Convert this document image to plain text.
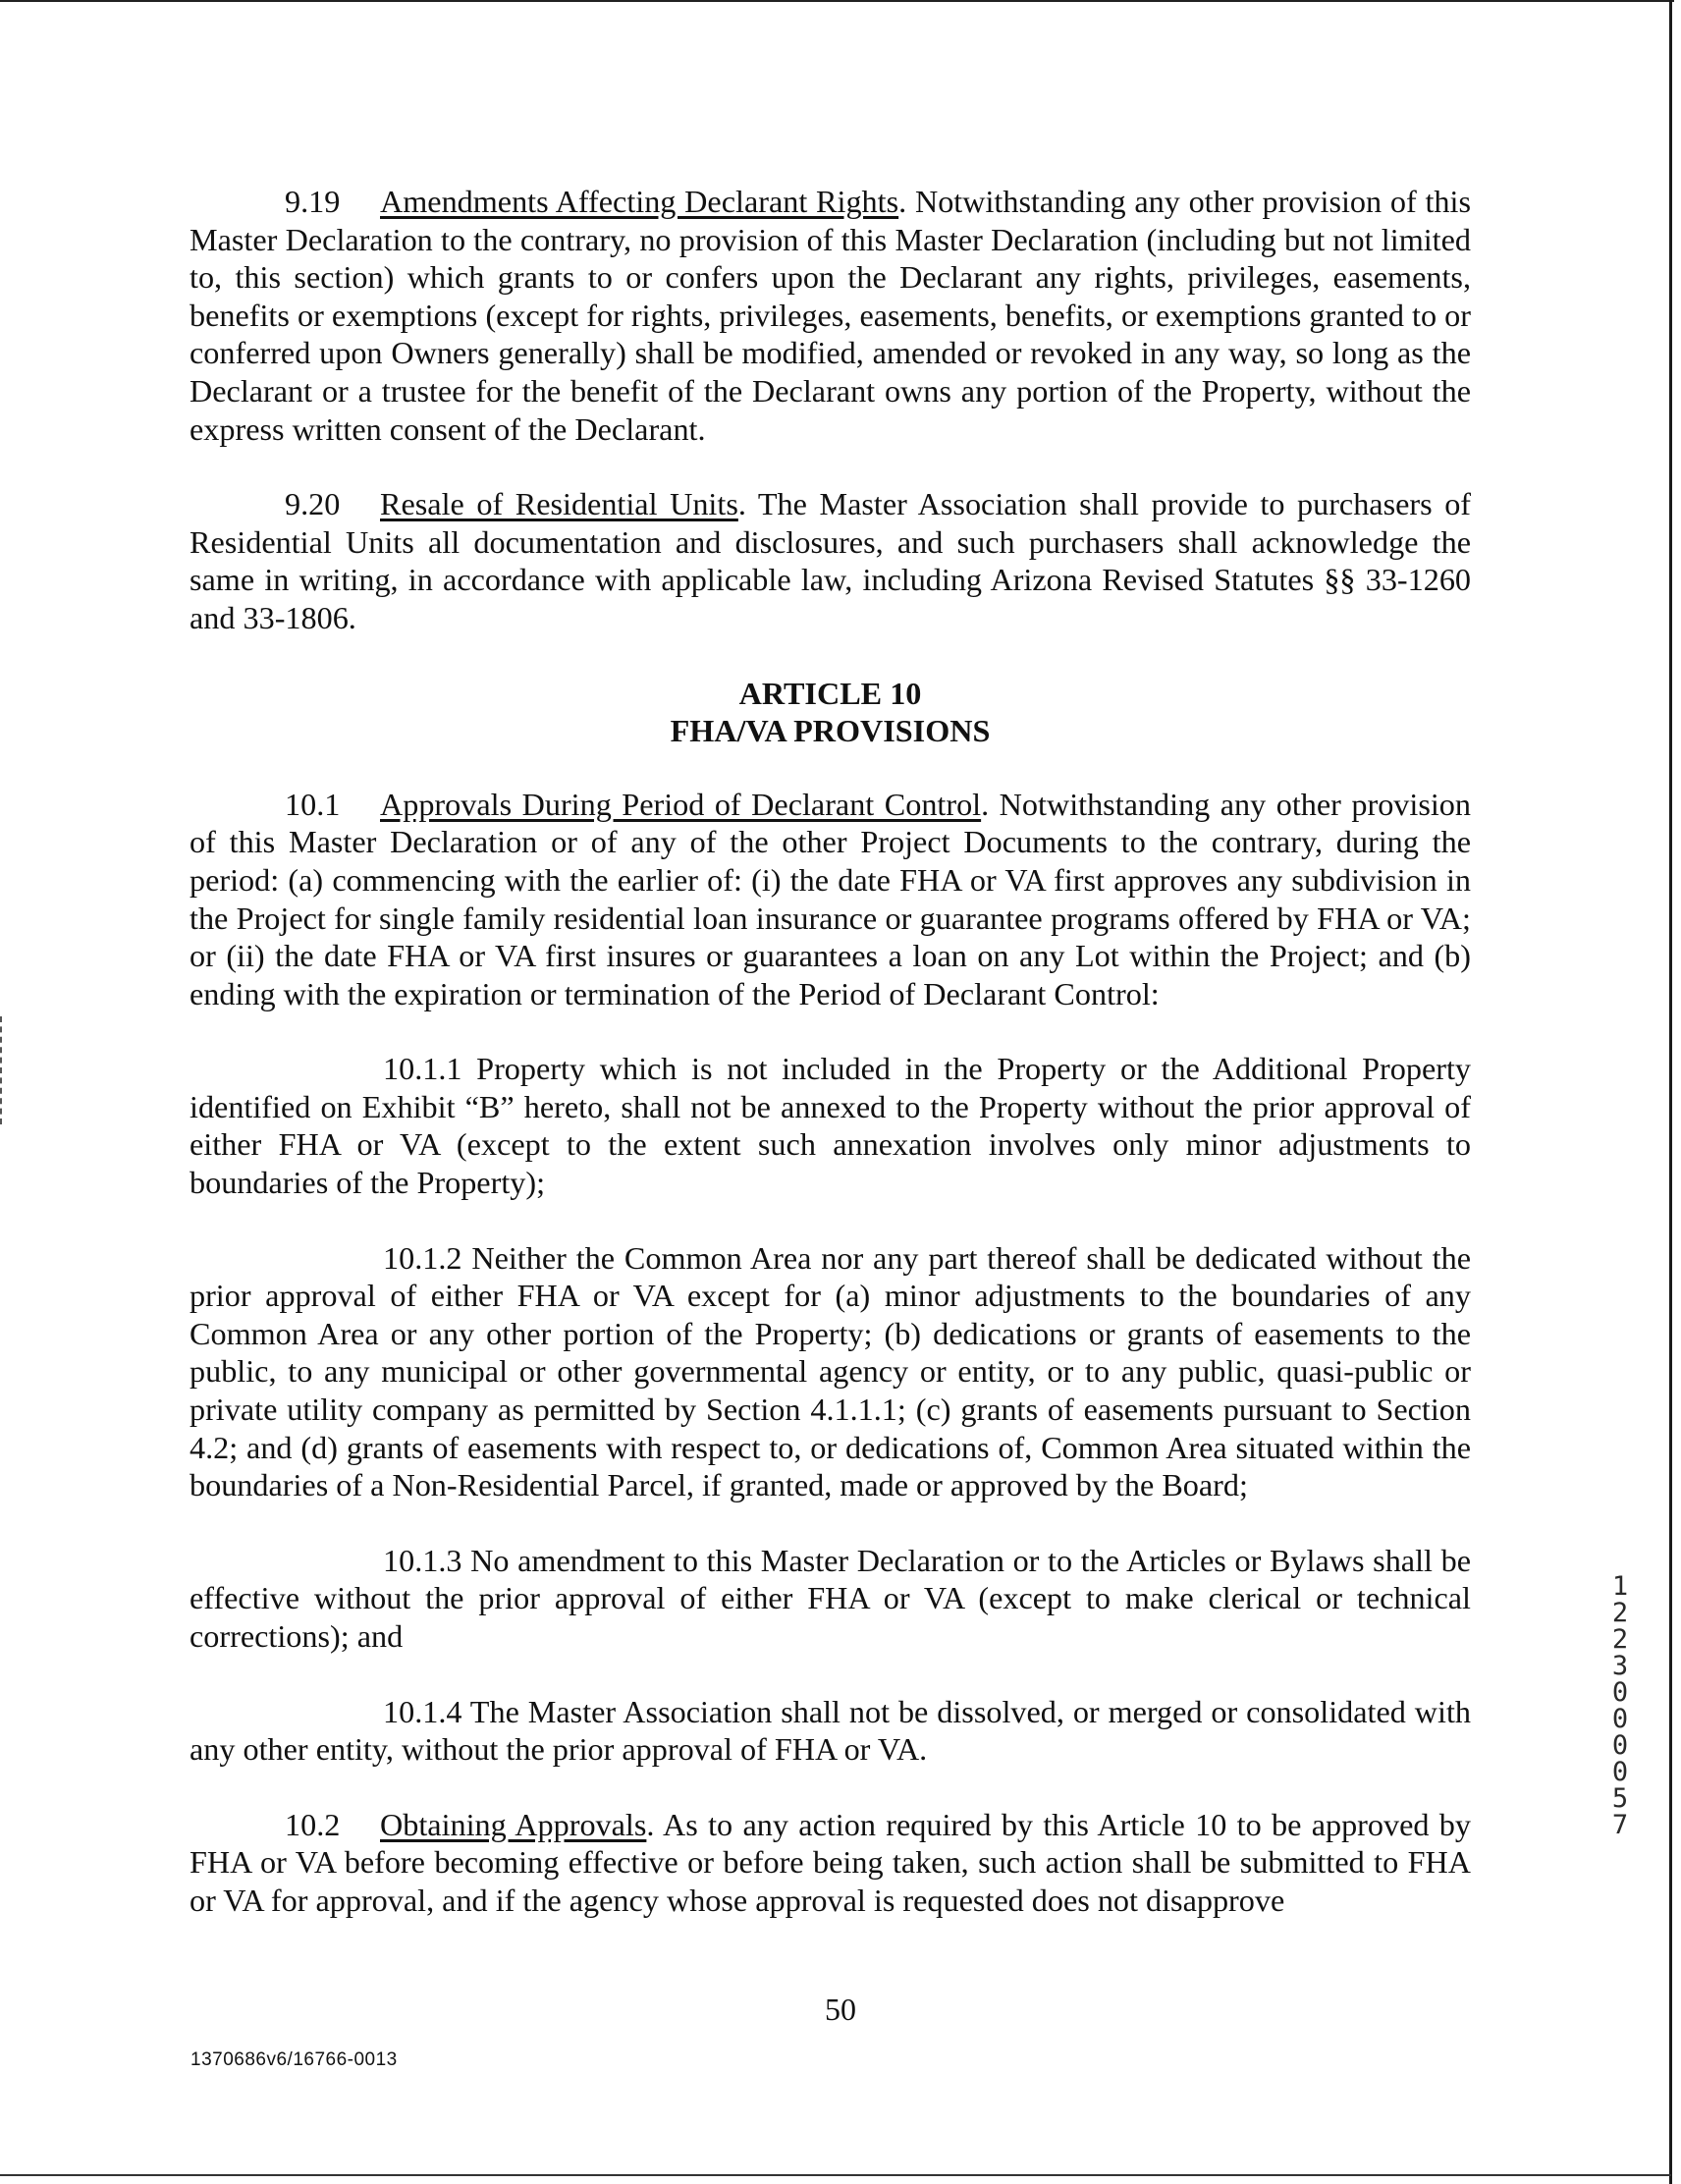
9.19 Amendments Affecting Declarant Rights. Notwithstanding any other provision of this Master Declaration to the contrary, no provision of this Master Declaration (including but not limited to, this section) which grants to or confers upon the Declarant any rights, privileges, easements, benefits or exemptions (except for rights, privileges, easements, benefits, or exemptions granted to or conferred upon Owners generally) shall be modified, amended or revoked in any way, so long as the Declarant or a trustee for the benefit of the Declarant owns any portion of the Property, without the express written consent of the Declarant.

9.20 Resale of Residential Units. The Master Association shall provide to purchasers of Residential Units all documentation and disclosures, and such purchasers shall acknowledge the same in writing, in accordance with applicable law, including Arizona Revised Statutes §§ 33-1260 and 33-1806.

ARTICLE 10
FHA/VA PROVISIONS

10.1 Approvals During Period of Declarant Control. Notwithstanding any other provision of this Master Declaration or of any of the other Project Documents to the contrary, during the period: (a) commencing with the earlier of: (i) the date FHA or VA first approves any subdivision in the Project for single family residential loan insurance or guarantee programs offered by FHA or VA; or (ii) the date FHA or VA first insures or guarantees a loan on any Lot within the Project; and (b) ending with the expiration or termination of the Period of Declarant Control:

10.1.1 Property which is not included in the Property or the Additional Property identified on Exhibit “B” hereto, shall not be annexed to the Property without the prior approval of either FHA or VA (except to the extent such annexation involves only minor adjustments to boundaries of the Property);

10.1.2 Neither the Common Area nor any part thereof shall be dedicated without the prior approval of either FHA or VA except for (a) minor adjustments to the boundaries of any Common Area or any other portion of the Property; (b) dedications or grants of easements to the public, to any municipal or other governmental agency or entity, or to any public, quasi-public or private utility company as permitted by Section 4.1.1.1; (c) grants of easements pursuant to Section 4.2; and (d) grants of easements with respect to, or dedications of, Common Area situated within the boundaries of a Non-Residential Parcel, if granted, made or approved by the Board;

10.1.3 No amendment to this Master Declaration or to the Articles or Bylaws shall be effective without the prior approval of either FHA or VA (except to make clerical or technical corrections); and

10.1.4 The Master Association shall not be dissolved, or merged or consolidated with any other entity, without the prior approval of FHA or VA.

10.2 Obtaining Approvals. As to any action required by this Article 10 to be approved by FHA or VA before becoming effective or before being taken, such action shall be submitted to FHA or VA for approval, and if the agency whose approval is requested does not disapprove

12230 00057
50
1370686v6/16766-0013
